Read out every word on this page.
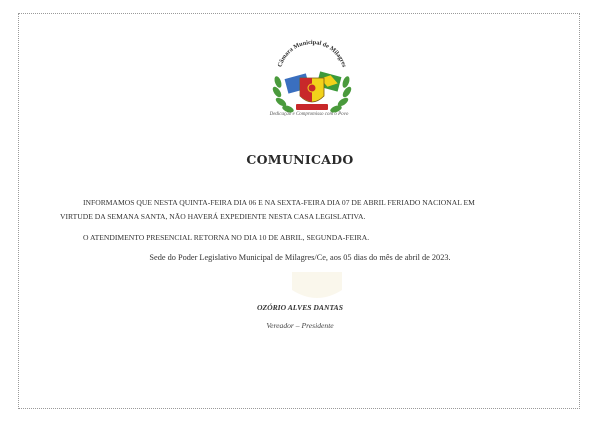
Câmara Municipal de Milagres
Dedicação e Compromisso com o Povo
COMUNICADO
INFORMAMOS QUE NESTA QUINTA-FEIRA DIA 06 E NA SEXTA-FEIRA DIA 07 DE ABRIL FERIADO NACIONAL EM
VIRTUDE DA SEMANA SANTA, NÃO HAVERÁ EXPEDIENTE NESTA CASA LEGISLATIVA.
O ATENDIMENTO PRESENCIAL RETORNA NO DIA 10 DE ABRIL, SEGUNDA-FEIRA.
Sede do Poder Legislativo Municipal de Milagres/Ce, aos 05 dias do mês de abril de 2023.
OZÓRIO ALVES DANTAS
Vereador – Presidente
